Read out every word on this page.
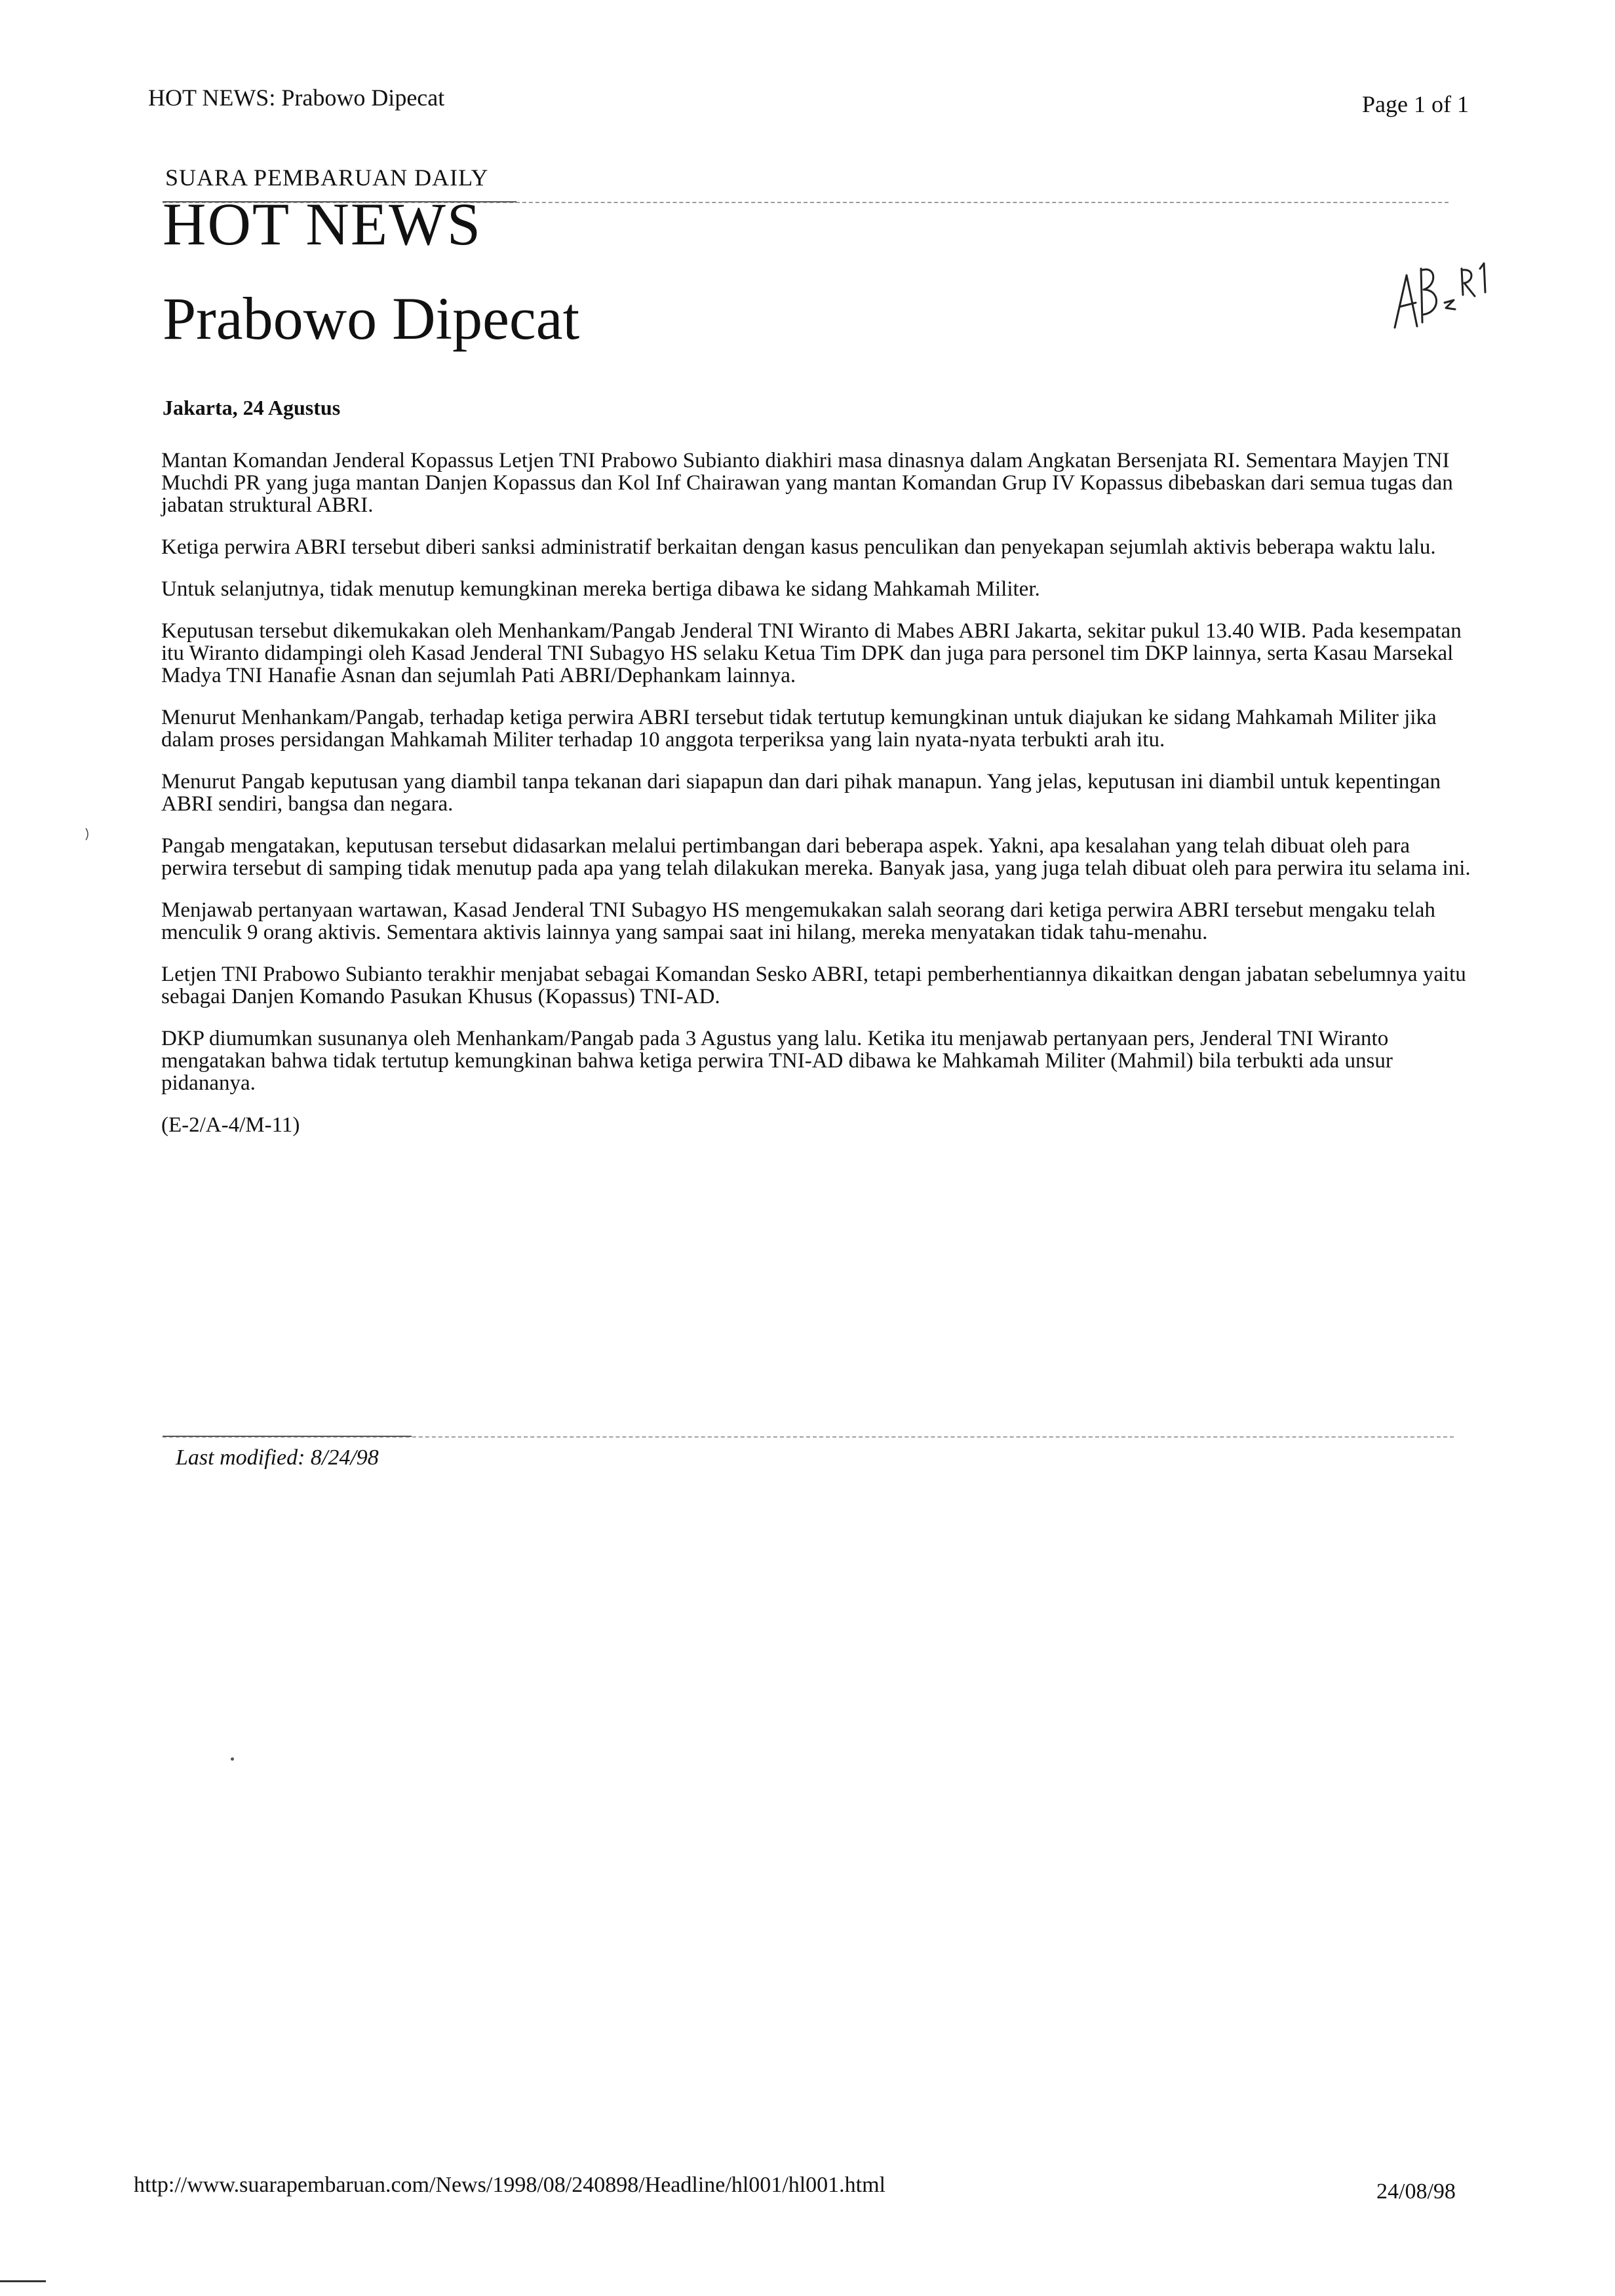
HOT NEWS: Prabowo Dipecat	Page 1 of 1
SUARA PEMBARUAN DAILY
HOT NEWS
Prabowo Dipecat
Jakarta, 24 Agustus

Mantan Komandan Jenderal Kopassus Letjen TNI Prabowo Subianto diakhiri masa dinasnya dalam Angkatan Bersenjata RI. Sementara Mayjen TNI Muchdi PR yang juga mantan Danjen Kopassus dan Kol Inf Chairawan yang mantan Komandan Grup IV Kopassus dibebaskan dari semua tugas dan jabatan struktural ABRI.

Ketiga perwira ABRI tersebut diberi sanksi administratif berkaitan dengan kasus penculikan dan penyekapan sejumlah aktivis beberapa waktu lalu.

Untuk selanjutnya, tidak menutup kemungkinan mereka bertiga dibawa ke sidang Mahkamah Militer.

Keputusan tersebut dikemukakan oleh Menhankam/Pangab Jenderal TNI Wiranto di Mabes ABRI Jakarta, sekitar pukul 13.40 WIB. Pada kesempatan itu Wiranto didampingi oleh Kasad Jenderal TNI Subagyo HS selaku Ketua Tim DPK dan juga para personel tim DKP lainnya, serta Kasau Marsekal Madya TNI Hanafie Asnan dan sejumlah Pati ABRI/Dephankam lainnya.

Menurut Menhankam/Pangab, terhadap ketiga perwira ABRI tersebut tidak tertutup kemungkinan untuk diajukan ke sidang Mahkamah Militer jika dalam proses persidangan Mahkamah Militer terhadap 10 anggota terperiksa yang lain nyata-nyata terbukti arah itu.

Menurut Pangab keputusan yang diambil tanpa tekanan dari siapapun dan dari pihak manapun. Yang jelas, keputusan ini diambil untuk kepentingan ABRI sendiri, bangsa dan negara.

Pangab mengatakan, keputusan tersebut didasarkan melalui pertimbangan dari beberapa aspek. Yakni, apa kesalahan yang telah dibuat oleh para perwira tersebut di samping tidak menutup pada apa yang telah dilakukan mereka. Banyak jasa, yang juga telah dibuat oleh para perwira itu selama ini.

Menjawab pertanyaan wartawan, Kasad Jenderal TNI Subagyo HS mengemukakan salah seorang dari ketiga perwira ABRI tersebut mengaku telah menculik 9 orang aktivis. Sementara aktivis lainnya yang sampai saat ini hilang, mereka menyatakan tidak tahu-menahu.

Letjen TNI Prabowo Subianto terakhir menjabat sebagai Komandan Sesko ABRI, tetapi pemberhentiannya dikaitkan dengan jabatan sebelumnya yaitu sebagai Danjen Komando Pasukan Khusus (Kopassus) TNI-AD.

DKP diumumkan susunanya oleh Menhankam/Pangab pada 3 Agustus yang lalu. Ketika itu menjawab pertanyaan pers, Jenderal TNI Wiranto mengatakan bahwa tidak tertutup kemungkinan bahwa ketiga perwira TNI-AD dibawa ke Mahkamah Militer (Mahmil) bila terbukti ada unsur pidananya.

(E-2/A-4/M-11)

Last modified: 8/24/98
http://www.suarapembaruan.com/News/1998/08/240898/Headline/hl001/hl001.html	24/08/98
